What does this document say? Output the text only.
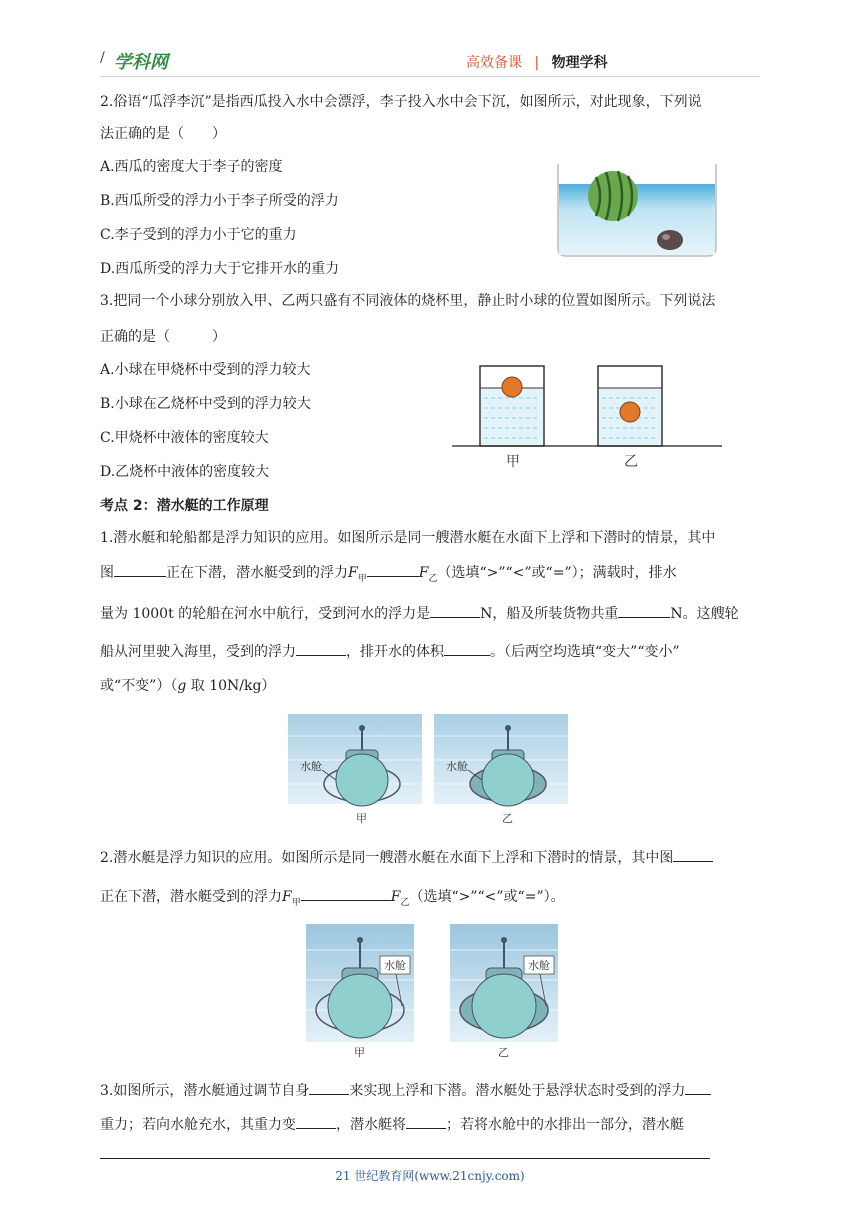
/ 学科网	高效备课 | 物理学科
2.俗语“瓜浮李沉”是指西瓜投入水中会漂浮，李子投入水中会下沉，如图所示，对此现象，下列说
法正确的是（　　）
A.西瓜的密度大于李子的密度
B.西瓜所受的浮力小于李子所受的浮力
C.李子受到的浮力小于它的重力
D.西瓜所受的浮力大于它排开水的重力
3.把同一个小球分别放入甲、乙两只盛有不同液体的烧杯里，静止时小球的位置如图所示。下列说法
正确的是（　　　）
A.小球在甲烧杯中受到的浮力较大
B.小球在乙烧杯中受到的浮力较大
C.甲烧杯中液体的密度较大
D.乙烧杯中液体的密度较大
甲	乙
考点 2：潜水艇的工作原理
1.潜水艇和轮船都是浮力知识的应用。如图所示是同一艘潜水艇在水面下上浮和下潜时的情景，其中
图	正在下潜，潜水艇受到的浮力$F_甲$	$F_乙$（选填“>”“<”或“=”）；满载时，排水
量为 1000t 的轮船在河水中航行，受到河水的浮力是	N，船及所装货物共重	N。这艘轮
船从河里驶入海里，受到的浮力	，排开水的体积	。（后两空均选填“变大”“变小”
或“不变”）（g 取 10N/kg）
水舱	水舱
甲	乙
2.潜水艇是浮力知识的应用。如图所示是同一艘潜水艇在水面下上浮和下潜时的情景，其中图
正在下潜，潜水艇受到的浮力$F_甲$	$F_乙$（选填“>”“<”或“=”）。
水舱	水舱
甲	乙
3.如图所示，潜水艇通过调节自身	来实现上浮和下潜。潜水艇处于悬浮状态时受到的浮力
重力；若向水舱充水，其重力变	，潜水艇将	；若将水舱中的水排出一部分，潜水艇
21 世纪教育网(www.21cnjy.com)
